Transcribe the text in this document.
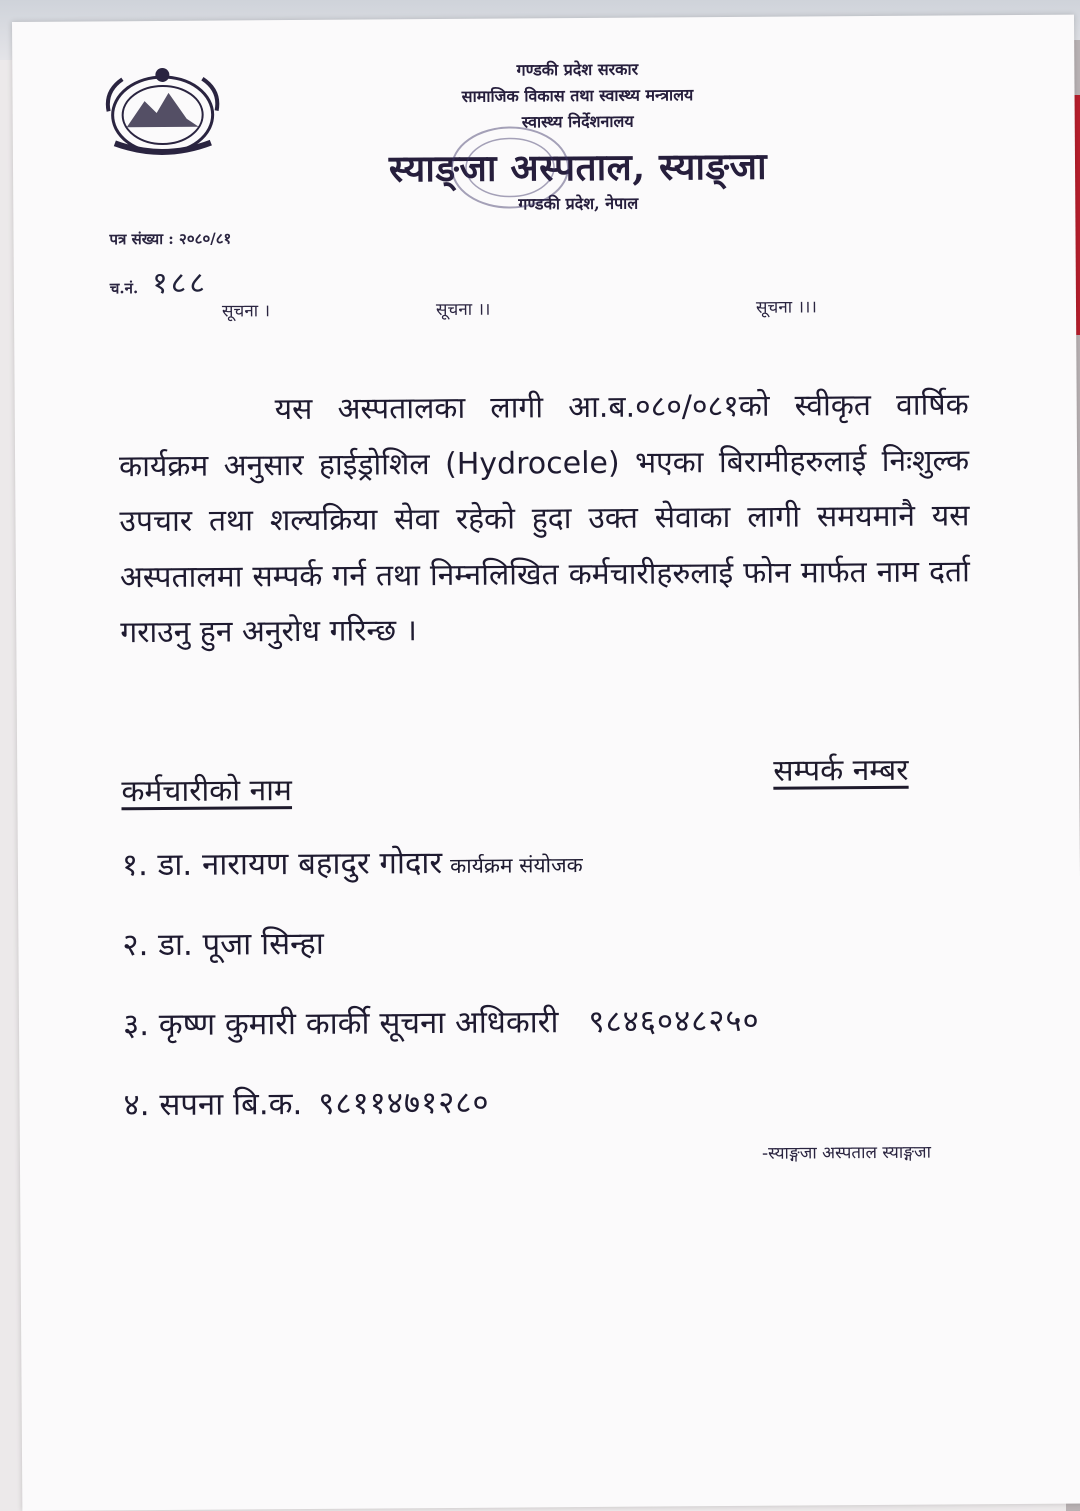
गण्डकी प्रदेश सरकार
सामाजिक विकास तथा स्वास्थ्य मन्त्रालय
स्वास्थ्य निर्देशनालय
स्याङ्जा अस्पताल, स्याङ्जा
गण्डकी प्रदेश, नेपाल
पत्र संख्या : २०८०/८१
च.नं. १८८
सूचना ।	सूचना ।।	सूचना ।।।
यस अस्पतालका लागी आ.ब.०८०/०८१को स्वीकृत वार्षिक कार्यक्रम अनुसार हाईड्रोशिल (Hydrocele) भएका बिरामीहरुलाई निःशुल्क उपचार तथा शल्यक्रिया सेवा रहेको हुदा उक्त सेवाका लागी समयमानै यस अस्पतालमा सम्पर्क गर्न तथा निम्नलिखित कर्मचारीहरुलाई फोन मार्फत नाम दर्ता गराउनु हुन अनुरोध गरिन्छ ।
कर्मचारीको नाम
सम्पर्क नम्बर
१. डा. नारायण बहादुर गोदार कार्यक्रम संयोजक
२. डा. पूजा सिन्हा
३. कृष्ण कुमारी कार्की सूचना अधिकारी ९८४६०४८२५०
४. सपना बि.क. ९८११४७१२८०
-स्याङ्गजा अस्पताल स्याङ्गजा
